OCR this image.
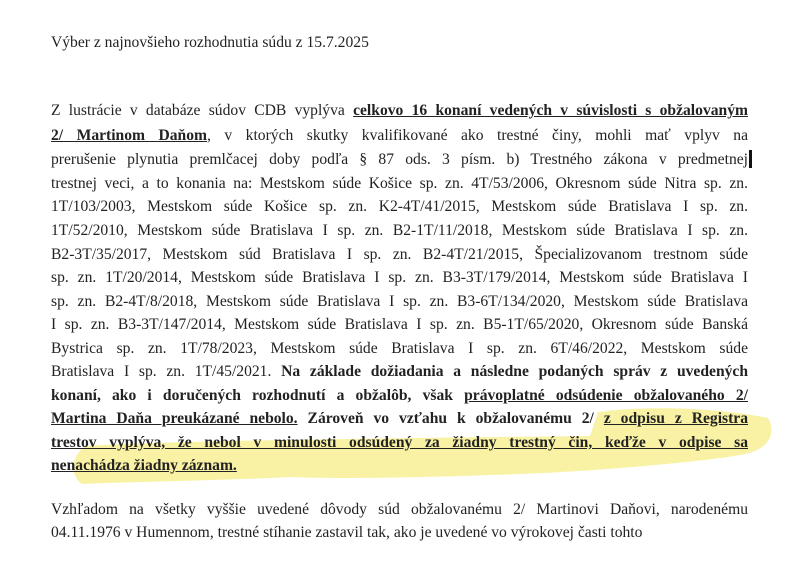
Výber z najnovšieho rozhodnutia súdu z 15.7.2025
Z lustrácie v databáze súdov CDB vyplýva celkovo 16 konaní vedených v súvislosti s obžalovaným
2/ Martinom Daňom, v ktorých skutky kvalifikované ako trestné činy, mohli mať vplyv na
prerušenie plynutia premlčacej doby podľa § 87 ods. 3 písm. b) Trestného zákona v predmetnej
trestnej veci, a to konania na: Mestskom súde Košice sp. zn. 4T/53/2006, Okresnom súde Nitra sp. zn.
1T/103/2003, Mestskom súde Košice sp. zn. K2-4T/41/2015, Mestskom súde Bratislava I sp. zn.
1T/52/2010, Mestskom súde Bratislava I sp. zn. B2-1T/11/2018, Mestskom súde Bratislava I sp. zn.
B2-3T/35/2017, Mestskom súd Bratislava I sp. zn. B2-4T/21/2015, Špecializovanom trestnom súde
sp. zn. 1T/20/2014, Mestskom súde Bratislava I sp. zn. B3-3T/179/2014, Mestskom súde Bratislava I
sp. zn. B2-4T/8/2018, Mestskom súde Bratislava I sp. zn. B3-6T/134/2020, Mestskom súde Bratislava
I sp. zn. B3-3T/147/2014, Mestskom súde Bratislava I sp. zn. B5-1T/65/2020, Okresnom súde Banská
Bystrica sp. zn. 1T/78/2023, Mestskom súde Bratislava I sp. zn. 6T/46/2022, Mestskom súde
Bratislava I sp. zn. 1T/45/2021. Na základe dožiadania a následne podaných správ z uvedených
konaní, ako i doručených rozhodnutí a obžalôb, však právoplatné odsúdenie obžalovaného 2/
Martina Daňa preukázané nebolo. Zároveň vo vzťahu k obžalovanému 2/ z odpisu z Registra
trestov vyplýva, že nebol v minulosti odsúdený za žiadny trestný čin, keďže v odpise sa
nenachádza žiadny záznam.
Vzhľadom na všetky vyššie uvedené dôvody súd obžalovanému 2/ Martinovi Daňovi, narodenému
04.11.1976 v Humennom, trestné stíhanie zastavil tak, ako je uvedené vo výrokovej časti tohto
